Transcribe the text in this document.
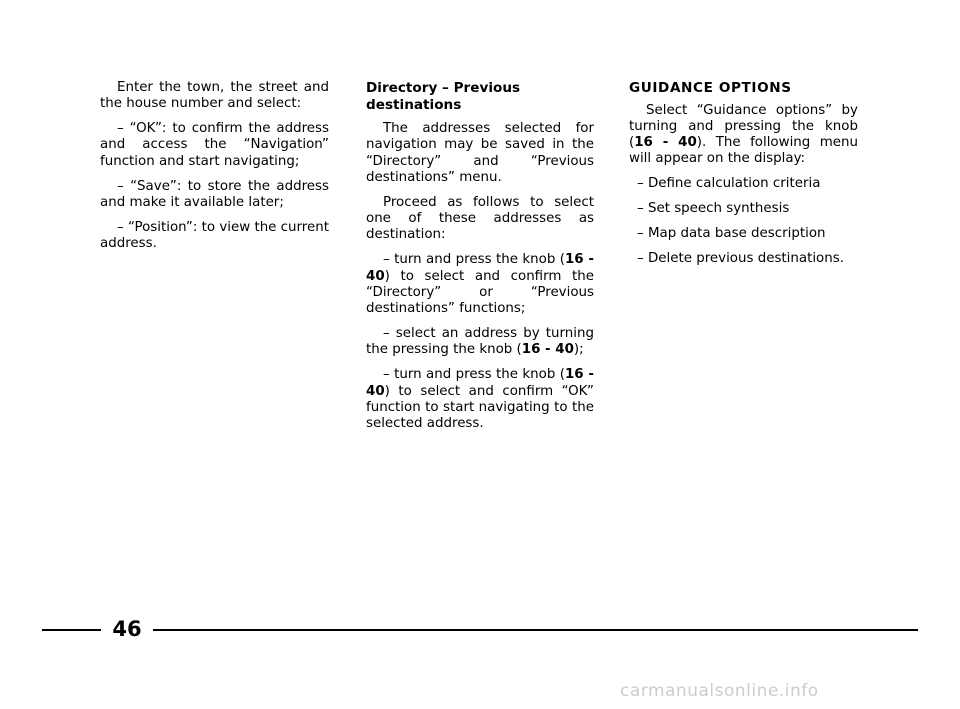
Enter the town, the street and the house number and select:

– “OK”: to confirm the address and access the “Navigation” function and start navigating;

– “Save”: to store the address and make it available later;

– “Position”: to view the current address.

Directory – Previous destinations

The addresses selected for navigation may be saved in the “Directory” and “Previous destinations” menu.

Proceed as follows to select one of these addresses as destination:

– turn and press the knob (16 - 40) to select and confirm the “Directory” or “Previous destinations” functions;

– select an address by turning the pressing the knob (16 - 40);

– turn and press the knob (16 - 40) to select and confirm “OK” function to start navigating to the selected address.

GUIDANCE OPTIONS

Select “Guidance options” by turning and pressing the knob (16 - 40). The following menu will appear on the display:

– Define calculation criteria

– Set speech synthesis

– Map data base description

– Delete previous destinations.

46
carmanualsonline.info
